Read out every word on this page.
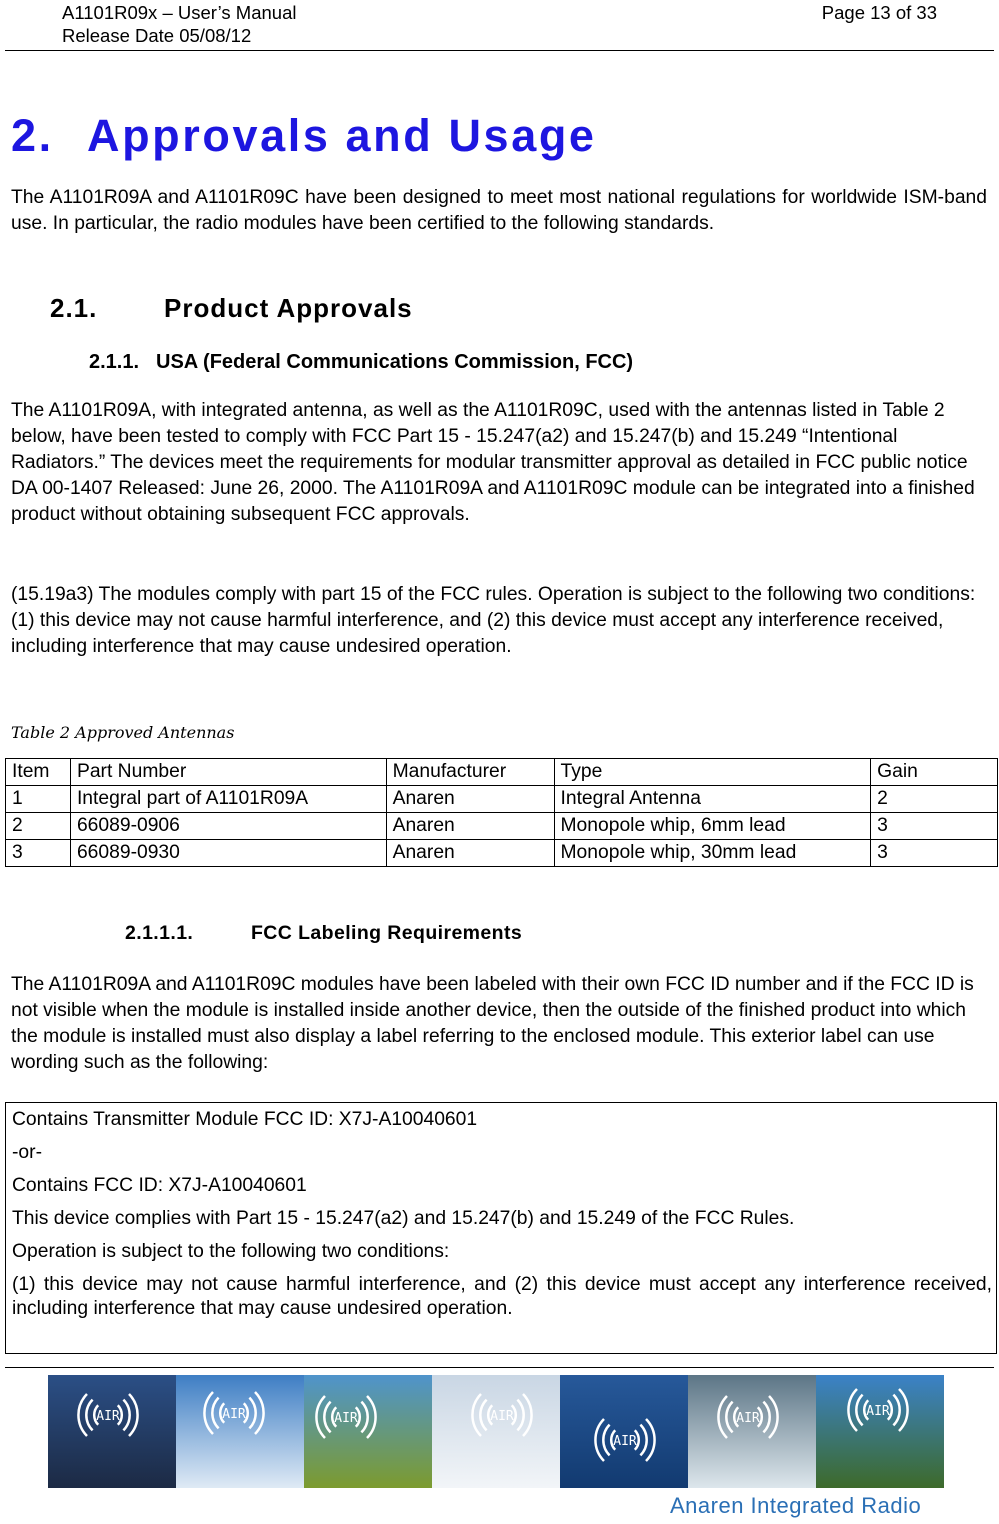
A1101R09x – User’s Manual
Release Date 05/08/12
Page 13 of 33
2. Approvals and Usage

The A1101R09A and A1101R09C have been designed to meet most national regulations for worldwide ISM-band use. In particular, the radio modules have been certified to the following standards.

2.1.	Product Approvals
2.1.1. USA (Federal Communications Commission, FCC)

The A1101R09A, with integrated antenna, as well as the A1101R09C, used with the antennas listed in Table 2 below, have been tested to comply with FCC Part 15 - 15.247(a2) and 15.247(b) and 15.249 “Intentional Radiators.” The devices meet the requirements for modular transmitter approval as detailed in FCC public notice DA 00-1407 Released: June 26, 2000. The A1101R09A and A1101R09C module can be integrated into a finished product without obtaining subsequent FCC approvals.

(15.19a3) The modules comply with part 15 of the FCC rules. Operation is subject to the following two conditions: (1) this device may not cause harmful interference, and (2) this device must accept any interference received, including interference that may cause undesired operation.

Table 2 Approved Antennas
Item	Part Number	Manufacturer	Type	Gain
1	Integral part of A1101R09A	Anaren	Integral Antenna	2
2	66089-0906	Anaren	Monopole whip, 6mm lead	3
3	66089-0930	Anaren	Monopole whip, 30mm lead	3
2.1.1.1.	FCC Labeling Requirements

The A1101R09A and A1101R09C modules have been labeled with their own FCC ID number and if the FCC ID is not visible when the module is installed inside another device, then the outside of the finished product into which the module is installed must also display a label referring to the enclosed module. This exterior label can use wording such as the following:

Contains Transmitter Module FCC ID: X7J-A10040601

-or-

Contains FCC ID: X7J-A10040601

This device complies with Part 15 - 15.247(a2) and 15.247(b) and 15.249 of the FCC Rules.

Operation is subject to the following two conditions:

(1) this device may not cause harmful interference, and (2) this device must accept any interference received, including interference that may cause undesired operation.

AIR	AIR	AIR	AIR
AIR
AIR	AIR
Anaren Integrated Radio
